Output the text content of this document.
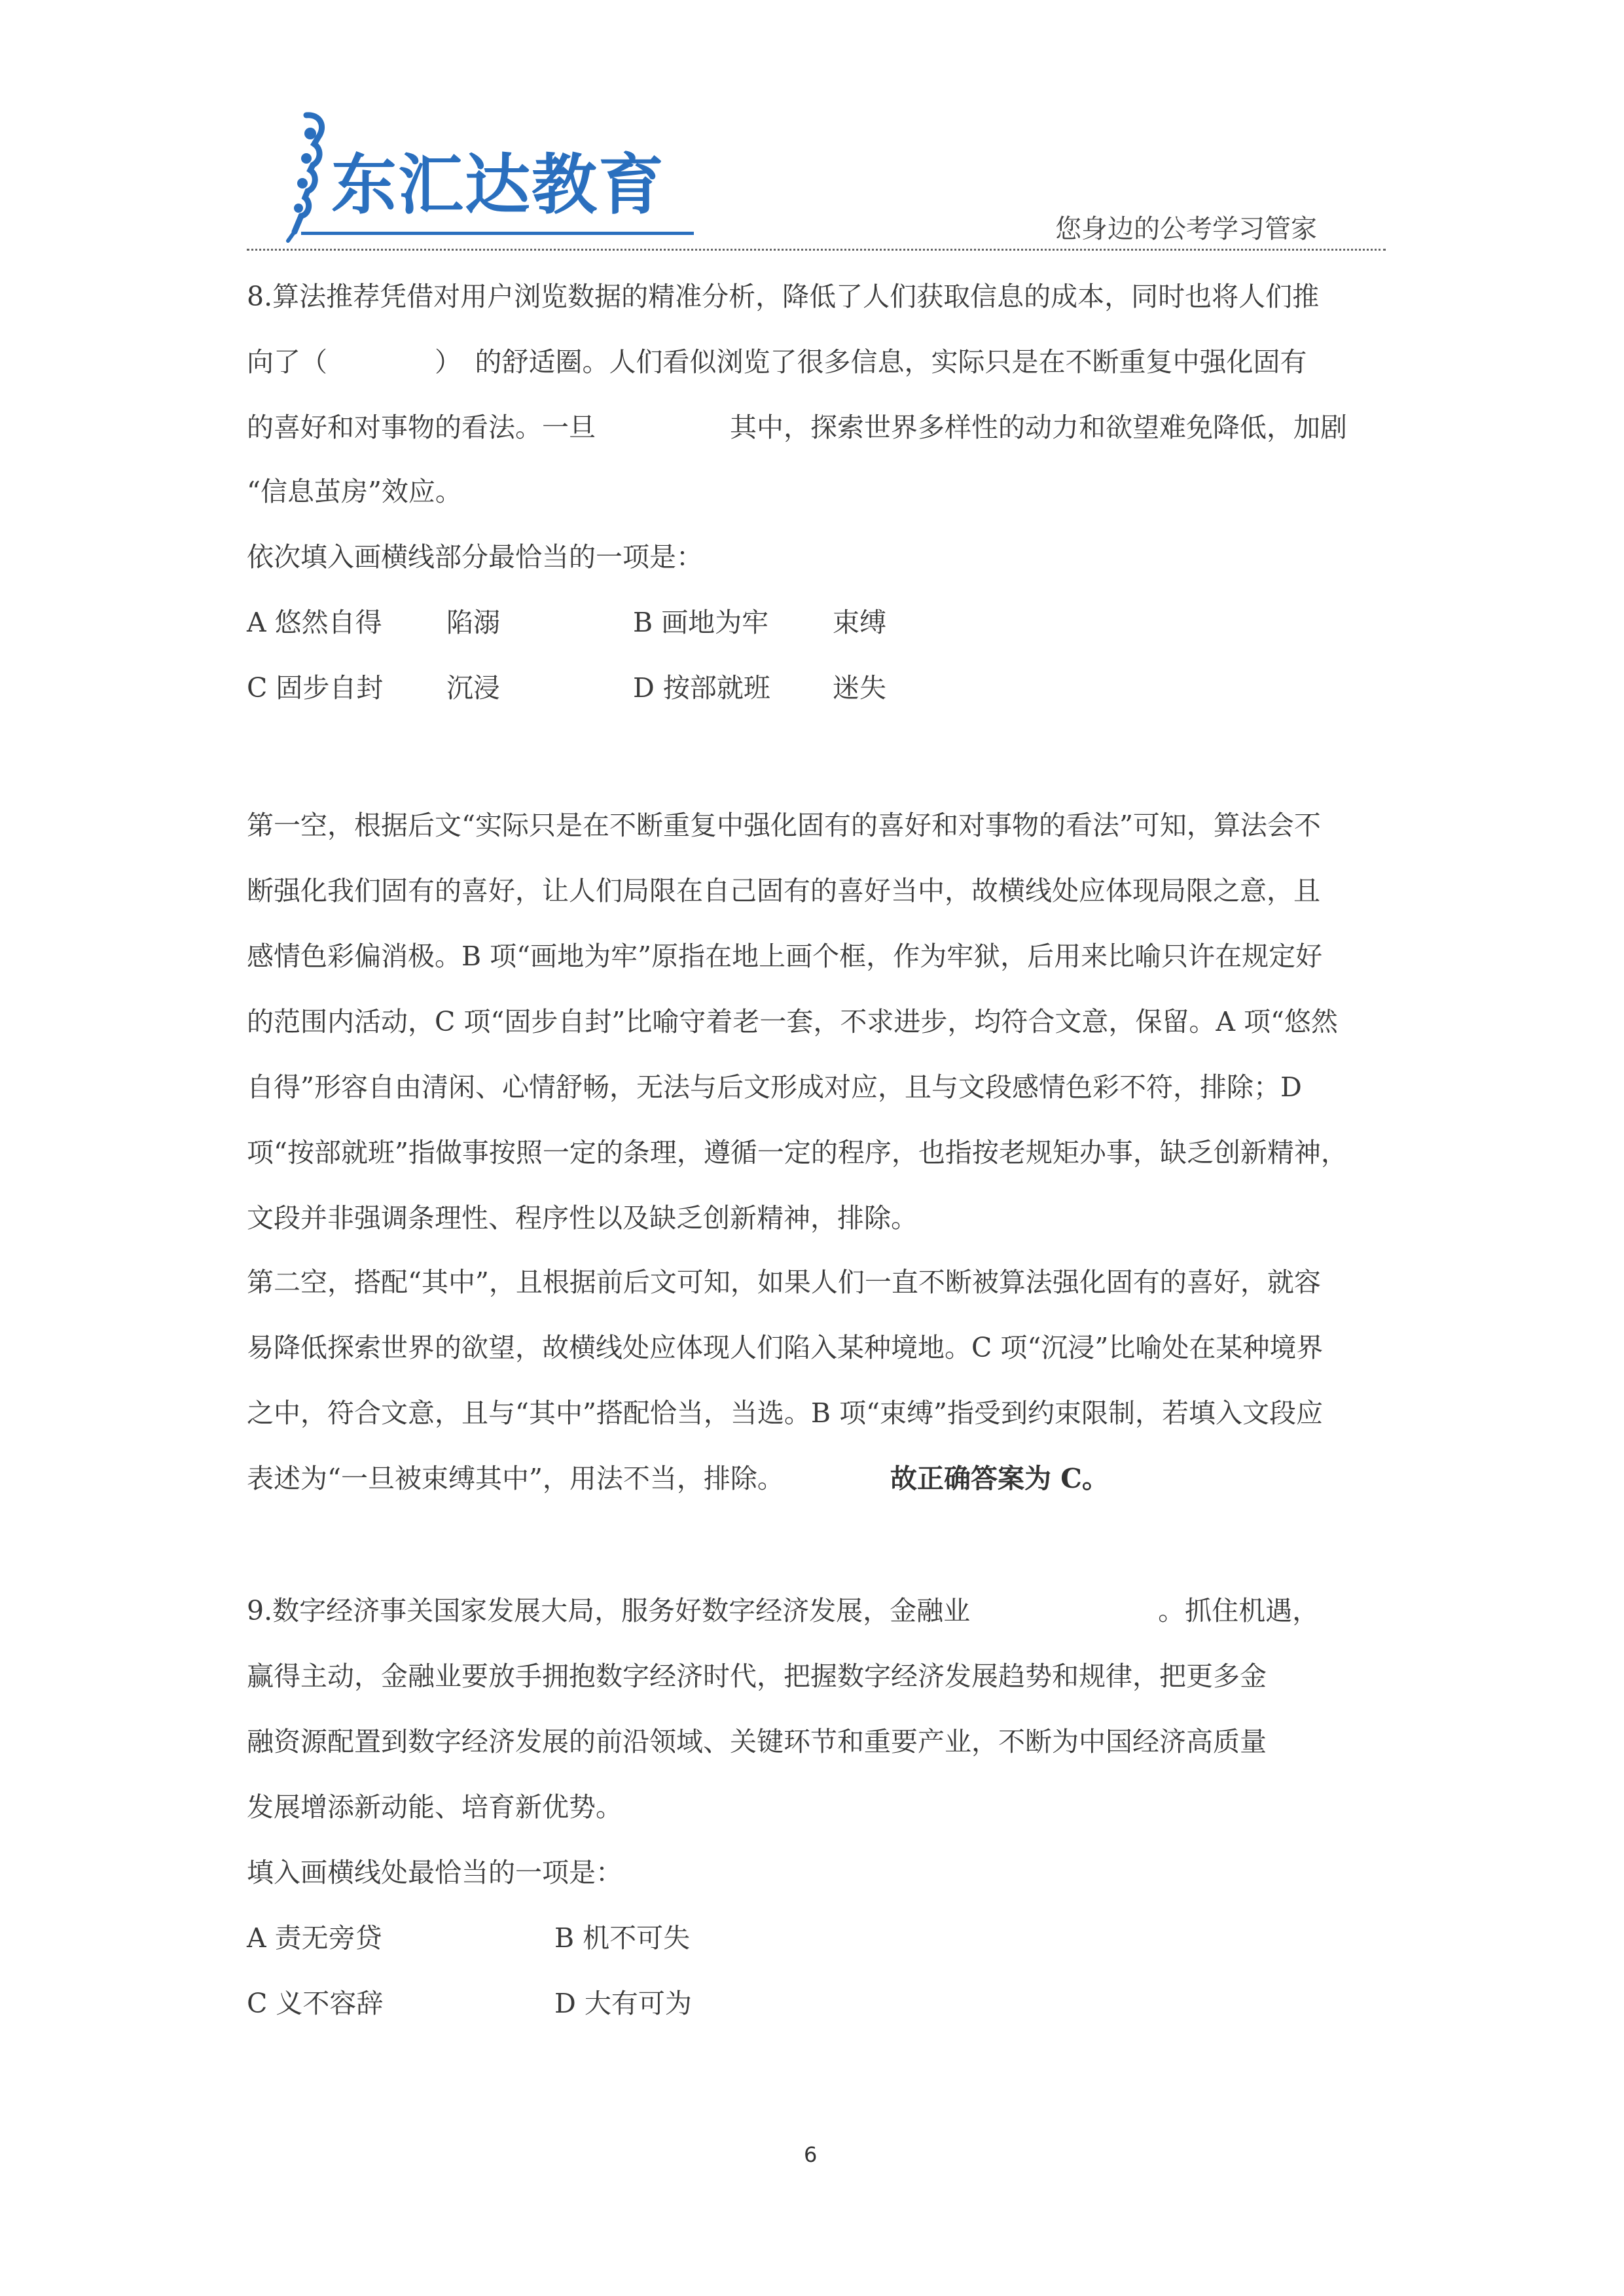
东汇达教育
您身边的公考学习管家
8.算法推荐凭借对用户浏览数据的精准分析，降低了人们获取信息的成本，同时也将人们推
向了（　　　　）　的舒适圈。人们看似浏览了很多信息，实际只是在不断重复中强化固有
的喜好和对事物的看法。一旦　　　　　其中，探索世界多样性的动力和欲望难免降低，加剧
“信息茧房”效应。
依次填入画横线部分最恰当的一项是：
A 悠然自得 陷溺	B 画地为牢 束缚
C 固步自封 沉浸	D 按部就班 迷失
第一空，根据后文“实际只是在不断重复中强化固有的喜好和对事物的看法”可知，算法会不
断强化我们固有的喜好，让人们局限在自己固有的喜好当中，故横线处应体现局限之意，且
感情色彩偏消极。B 项“画地为牢”原指在地上画个框，作为牢狱，后用来比喻只许在规定好
的范围内活动，C 项“固步自封”比喻守着老一套，不求进步，均符合文意，保留。A 项“悠然
自得”形容自由清闲、心情舒畅，无法与后文形成对应，且与文段感情色彩不符，排除；D
项“按部就班”指做事按照一定的条理，遵循一定的程序，也指按老规矩办事，缺乏创新精神，
文段并非强调条理性、程序性以及缺乏创新精神，排除。
第二空，搭配“其中”，且根据前后文可知，如果人们一直不断被算法强化固有的喜好，就容
易降低探索世界的欲望，故横线处应体现人们陷入某种境地。C 项“沉浸”比喻处在某种境界
之中，符合文意，且与“其中”搭配恰当，当选。B 项“束缚”指受到约束限制，若填入文段应
表述为“一旦被束缚其中”，用法不当，排除。	故正确答案为 C。
9.数字经济事关国家发展大局，服务好数字经济发展，金融业　　　　　　　。抓住机遇，
赢得主动，金融业要放手拥抱数字经济时代，把握数字经济发展趋势和规律，把更多金
融资源配置到数字经济发展的前沿领域、关键环节和重要产业，不断为中国经济高质量
发展增添新动能、培育新优势。
填入画横线处最恰当的一项是：
A 责无旁贷	B 机不可失
C 义不容辞	D 大有可为
6
